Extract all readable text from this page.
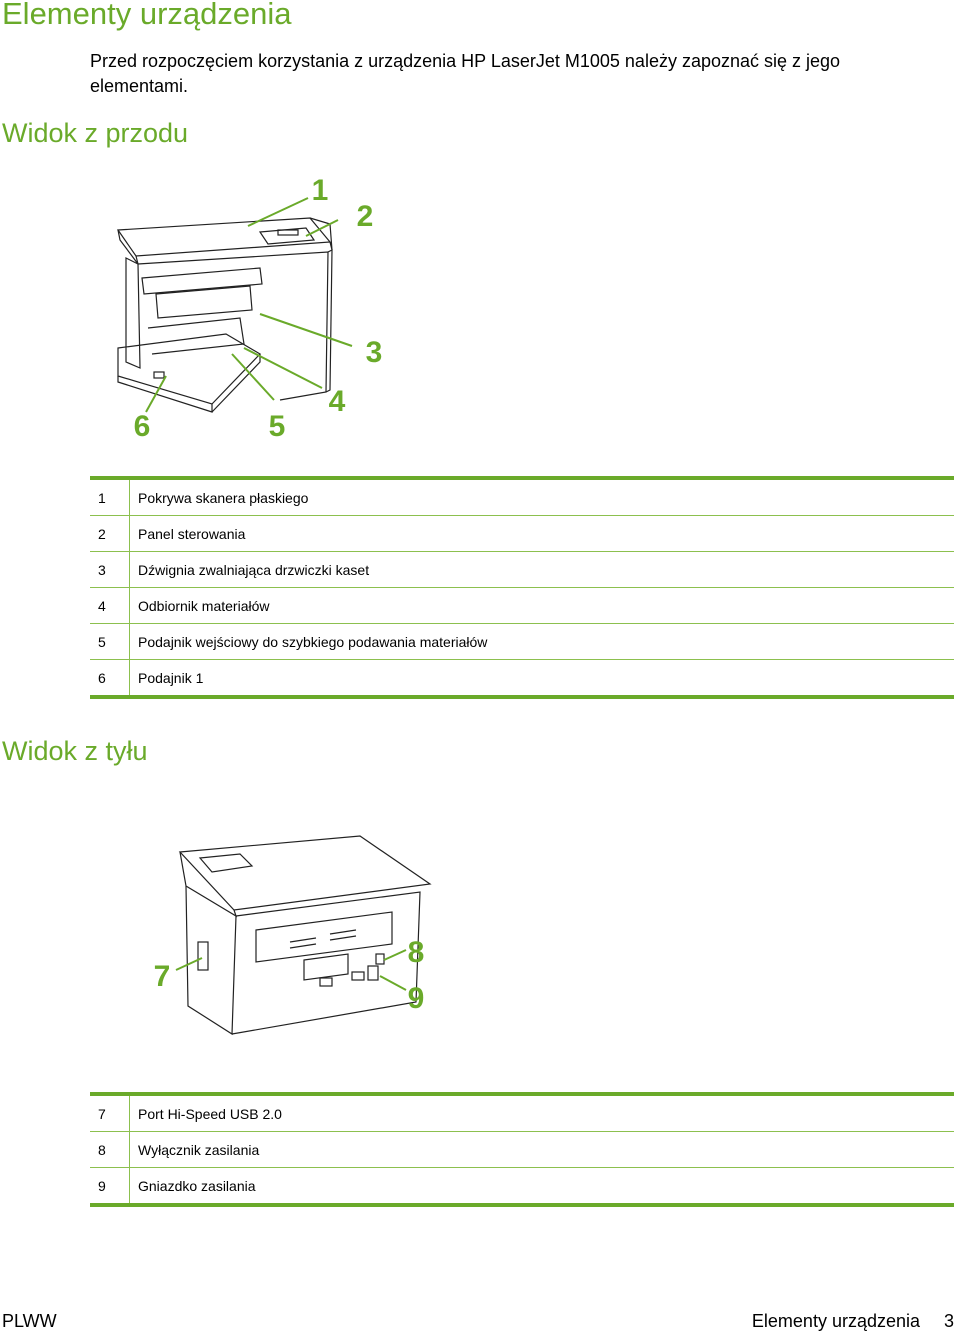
Elementy urządzenia

Przed rozpoczęciem korzystania z urządzenia HP LaserJet M1005 należy zapoznać się z jego elementami.

Widok z przodu
1
2
3
4
5
6
1	Pokrywa skanera płaskiego
2	Panel sterowania
3	Dźwignia zwalniająca drzwiczki kaset
4	Odbiornik materiałów
5	Podajnik wejściowy do szybkiego podawania materiałów
6	Podajnik 1
Widok z tyłu
7
8
9
7	Port Hi-Speed USB 2.0
8	Wyłącznik zasilania
9	Gniazdko zasilania
PLWW	Elementy urządzenia 3
